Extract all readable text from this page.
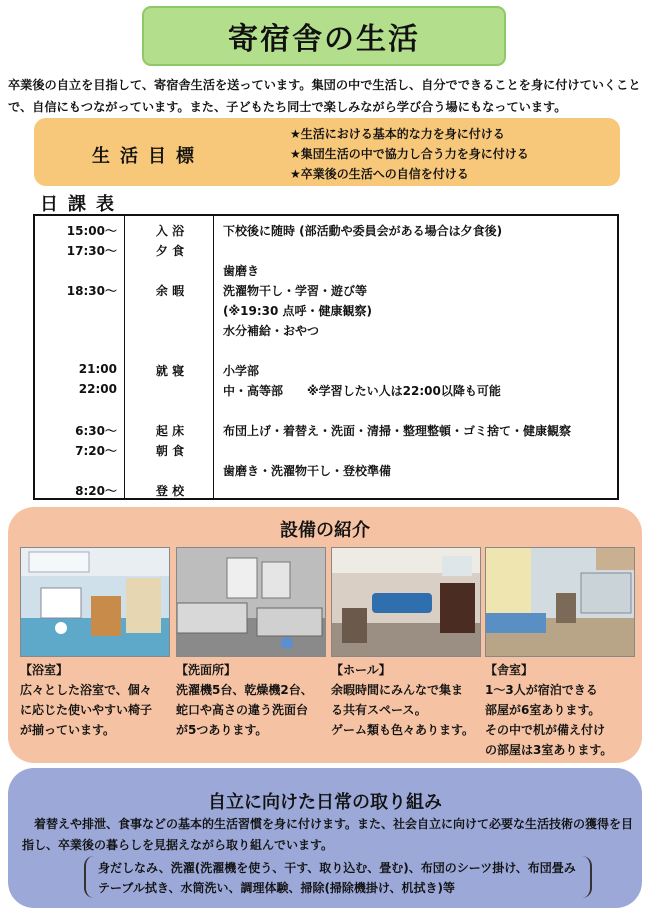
寄宿舎の生活
卒業後の自立を目指して、寄宿舎生活を送っています。集団の中で生活し、自分でできることを身に付けていくことで、自信にもつながっています。また、子どもたち同士で楽しみながら学び合う場にもなっています。
生活目標
★生活における基本的な力を身に付ける
★集団生活の中で協力し合う力を身に付ける
★卒業後の生活への自信を付ける
日課表
15:00～	入 浴	下校後に随時 (部活動や委員会がある場合は夕食後)
17:30～	夕 食
歯磨き
18:30～	余 暇	洗濯物干し・学習・遊び等
(※19:30 点呼・健康観察)
水分補給・おやつ
21:00	就 寝	小学部
22:00	中・高等部　　※学習したい人は22:00以降も可能
6:30～	起 床	布団上げ・着替え・洗面・清掃・整理整頓・ゴミ捨て・健康観察
7:20～	朝 食
歯磨き・洗濯物干し・登校準備
8:20～	登 校
設備の紹介
【浴室】
広々とした浴室で、個々
に応じた使いやすい椅子
が揃っています。
【洗面所】
洗濯機5台、乾燥機2台、
蛇口や高さの違う洗面台
が5つあります。
【ホール】
余暇時間にみんなで集ま
る共有スペース。
ゲーム類も色々あります。
【舎室】
1～3人が宿泊できる
部屋が6室あります。
その中で机が備え付け
の部屋は3室あります。
自立に向けた日常の取り組み
着替えや排泄、食事などの基本的生活習慣を身に付けます。また、社会自立に向けて必要な生活技術の獲得を目指し、卒業後の暮らしを見据えながら取り組んでいます。
身だしなみ、洗濯(洗濯機を使う、干す、取り込む、畳む)、布団のシーツ掛け、布団畳み
テーブル拭き、水筒洗い、調理体験、掃除(掃除機掛け、机拭き)等
